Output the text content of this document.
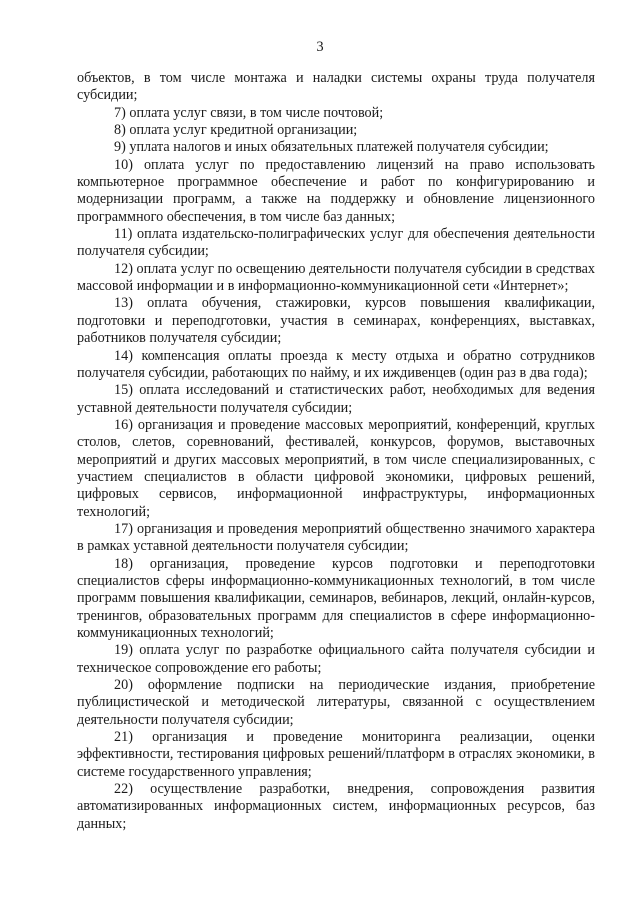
3

объектов, в том числе монтажа и наладки системы охраны труда получателя субсидии;

7) оплата услуг связи, в том числе почтовой;

8) оплата услуг кредитной организации;

9) уплата налогов и иных обязательных платежей получателя субсидии;

10) оплата услуг по предоставлению лицензий на право использовать компьютерное программное обеспечение и работ по конфигурированию и модернизации программ, а также на поддержку и обновление лицензионного программного обеспечения, в том числе баз данных;

11) оплата издательско-полиграфических услуг для обеспечения деятельности получателя субсидии;

12) оплата услуг по освещению деятельности получателя субсидии в средствах массовой информации и в информационно-коммуникационной сети «Интернет»;

13) оплата обучения, стажировки, курсов повышения квалификации, подготовки и переподготовки, участия в семинарах, конференциях, выставках, работников получателя субсидии;

14) компенсация оплаты проезда к месту отдыха и обратно сотрудников получателя субсидии, работающих по найму, и их иждивенцев (один раз в два года);

15) оплата исследований и статистических работ, необходимых для ведения уставной деятельности получателя субсидии;

16) организация и проведение массовых мероприятий, конференций, круглых столов, слетов, соревнований, фестивалей, конкурсов, форумов, выставочных мероприятий и других массовых мероприятий, в том числе специализированных, с участием специалистов в области цифровой экономики, цифровых решений, цифровых сервисов, информационной инфраструктуры, информационных технологий;

17) организация и проведения мероприятий общественно значимого характера в рамках уставной деятельности получателя субсидии;

18) организация, проведение курсов подготовки и переподготовки специалистов сферы информационно-коммуникационных технологий, в том числе программ повышения квалификации, семинаров, вебинаров, лекций, онлайн-курсов, тренингов, образовательных программ для специалистов в сфере информационно-коммуникационных технологий;

19) оплата услуг по разработке официального сайта получателя субсидии и техническое сопровождение его работы;

20) оформление подписки на периодические издания, приобретение публицистической и методической литературы, связанной с осуществлением деятельности получателя субсидии;

21) организация и проведение мониторинга реализации, оценки эффективности, тестирования цифровых решений/платформ в отраслях экономики, в системе государственного управления;

22) осуществление разработки, внедрения, сопровождения развития автоматизированных информационных систем, информационных ресурсов, баз данных;
